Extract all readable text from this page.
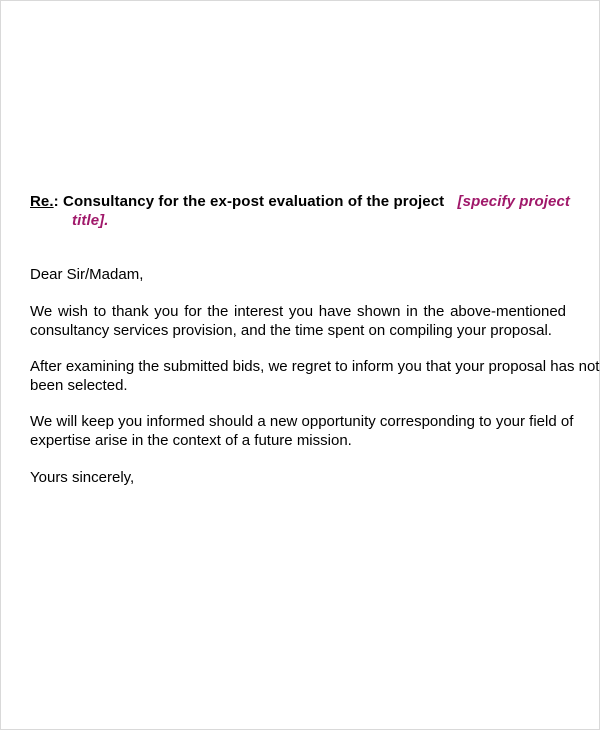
Re.: Consultancy for the ex-post evaluation of the project [specify project
title].

Dear Sir/Madam,

We wish to thank you for the interest you have shown in the above-mentioned
consultancy services provision, and the time spent on compiling your proposal.

After examining the submitted bids, we regret to inform you that your proposal has not
been selected.

We will keep you informed should a new opportunity corresponding to your field of
expertise arise in the context of a future mission.

Yours sincerely,
